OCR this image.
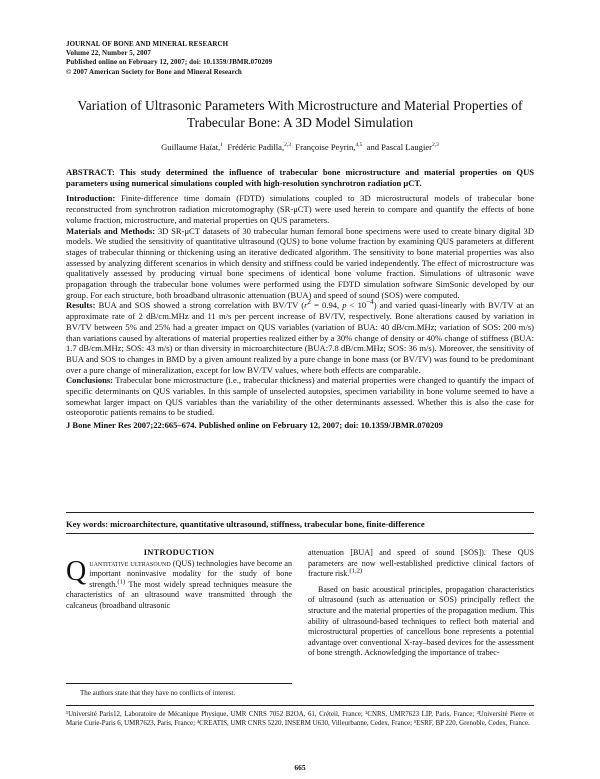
JOURNAL OF BONE AND MINERAL RESEARCH
Volume 22, Number 5, 2007
Published online on February 12, 2007; doi: 10.1359/JBMR.070209
© 2007 American Society for Bone and Mineral Research
Variation of Ultrasonic Parameters With Microstructure and Material Properties of Trabecular Bone: A 3D Model Simulation
Guillaume Haïat,$^1$ Frédéric Padilla,$^{2,3}$ Françoise Peyrin,$^{4,5}$ and Pascal Laugier$^{2,3}$

ABSTRACT: This study determined the influence of trabecular bone microstructure and material properties on QUS parameters using numerical simulations coupled with high-resolution synchrotron radiation μCT.

Introduction: Finite-difference time domain (FDTD) simulations coupled to 3D microstructural models of trabecular bone reconstructed from synchrotron radiation microtomography (SR-μCT) were used herein to compare and quantify the effects of bone volume fraction, microstructure, and material properties on QUS parameters.

Materials and Methods: 3D SR-μCT datasets of 30 trabecular human femoral bone specimens were used to create binary digital 3D models. We studied the sensitivity of quantitative ultrasound (QUS) to bone volume fraction by examining QUS parameters at different stages of trabecular thinning or thickening using an iterative dedicated algorithm. The sensitivity to bone material properties was also assessed by analyzing different scenarios in which density and stiffness could be varied independently. The effect of microstructure was qualitatively assessed by producing virtual bone specimens of identical bone volume fraction. Simulations of ultrasonic wave propagation through the trabecular bone volumes were performed using the FDTD simulation software SimSonic developed by our group. For each structure, both broadband ultrasonic attenuation (BUA) and speed of sound (SOS) were computed.

Results: BUA and SOS showed a strong correlation with BV/TV ($r^2 = 0.94$, $p < 10^{-4}$) and varied quasi-linearly with BV/TV at an approximate rate of 2 dB/cm.MHz and 11 m/s per percent increase of BV/TV, respectively. Bone alterations caused by variation in BV/TV between 5% and 25% had a greater impact on QUS variables (variation of BUA: 40 dB/cm.MHz; variation of SOS: 200 m/s) than variations caused by alterations of material properties realized either by a 30% change of density or 40% change of stiffness (BUA: 1.7 dB/cm.MHz; SOS: 43 m/s) or than diversity in microarchitecture (BUA:7.8 dB/cm.MHz; SOS: 36 m/s). Moreover, the sensitivity of BUA and SOS to changes in BMD by a given amount realized by a pure change in bone mass (or BV/TV) was found to be predominant over a pure change of mineralization, except for low BV/TV values, where both effects are comparable.

Conclusions: Trabecular bone microstructure (i.e., trabecular thickness) and material properties were changed to quantify the impact of specific determinants on QUS variables. In this sample of unselected autopsies, specimen variability in bone volume seemed to have a somewhat larger impact on QUS variables than the variability of the other determinants assessed. Whether this is also the case for osteoporotic patients remains to be studied.

J Bone Miner Res 2007;22:665–674. Published online on February 12, 2007; doi: 10.1359/JBMR.070209

Key words: microarchitecture, quantitative ultrasound, stiffness, trabecular bone, finite-difference

INTRODUCTION

Quantitative ultrasound (QUS) technologies have become an important noninvasive modality for the study of bone strength.$^{(1)}$ The most widely spread techniques measure the characteristics of an ultrasound wave transmitted through the calcaneus (broadband ultrasonic

The authors state that they have no conflicts of interest.

attenuation [BUA] and speed of sound [SOS]). These QUS parameters are now well-established predictive clinical factors of fracture risk.$^{(1,2)}$

Based on basic acoustical principles, propagation characteristics of ultrasound (such as attenuation or SOS) principally reflect the structure and the material properties of the propagation medium. This ability of ultrasound-based techniques to reflect both material and microstructural properties of cancellous bone represents a potential advantage over conventional X-ray–based devices for the assessment of bone strength. Acknowledging the importance of trabec-

¹Université Paris12, Laboratoire de Mécanique Physique, UMR CNRS 7052 B2OA, 61, Créteil, France; ²CNRS, UMR7623 LIP, Paris, France; ³Université Pierre et Marie Curie-Paris 6, UMR7623, Paris, France; ⁴CREATIS, UMR CNRS 5220, INSERM U630, Villeurbanne, Cedex, France; ⁵ESRF, BP 220, Grenoble, Cedex, France.
665
